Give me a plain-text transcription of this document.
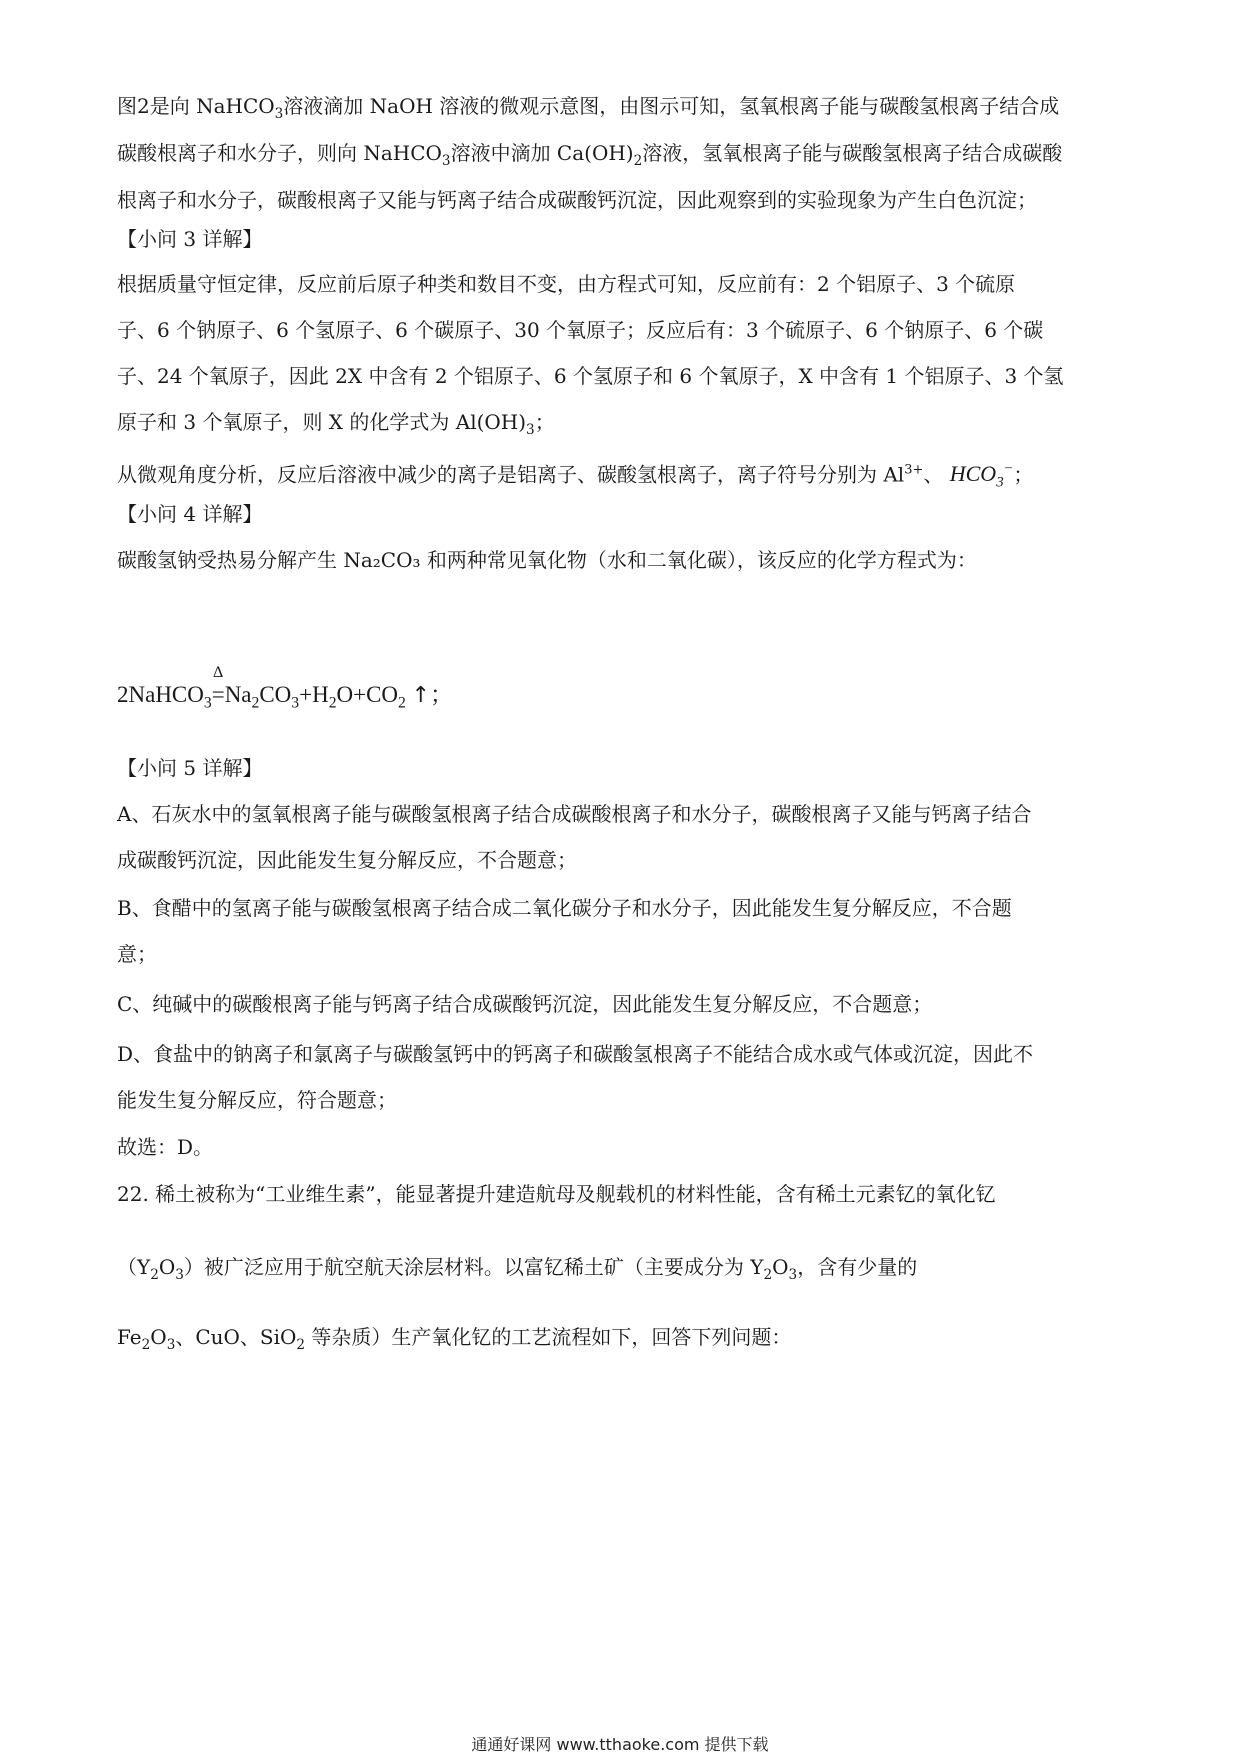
图2是向 NaHCO$_3$溶液滴加 NaOH 溶液的微观示意图，由图示可知，氢氧根离子能与碳酸氢根离子结合成
碳酸根离子和水分子，则向 NaHCO$_3$溶液中滴加 $Ca(OH)_2$溶液，氢氧根离子能与碳酸氢根离子结合成碳酸
根离子和水分子，碳酸根离子又能与钙离子结合成碳酸钙沉淀，因此观察到的实验现象为产生白色沉淀；
【小问 3 详解】
根据质量守恒定律，反应前后原子种类和数目不变，由方程式可知，反应前有：2 个铝原子、3 个硫原
子、6 个钠原子、6 个氢原子、6 个碳原子、30 个氧原子；反应后有：3 个硫原子、6 个钠原子、6 个碳
子、24 个氧原子，因此 2X 中含有 2 个铝原子、6 个氢原子和 6 个氧原子，X 中含有 1 个铝原子、3 个氢
原子和 3 个氧原子，则 X 的化学式为 $Al(OH)_3$；
从微观角度分析，反应后溶液中减少的离子是铝离子、碳酸氢根离子，离子符号分别为 $Al^{3+}$、 $HCO_3^-$；
【小问 4 详解】
碳酸氢钠受热易分解产生 Na₂CO₃ 和两种常见氧化物（水和二氧化碳），该反应的化学方程式为：
2NaHCO$_3$
Δ
$=Na_2CO_3+H_2O+CO_2$ ↑；
【小问 5 详解】
A、石灰水中的氢氧根离子能与碳酸氢根离子结合成碳酸根离子和水分子，碳酸根离子又能与钙离子结合
成碳酸钙沉淀，因此能发生复分解反应，不合题意；
B、食醋中的氢离子能与碳酸氢根离子结合成二氧化碳分子和水分子，因此能发生复分解反应，不合题
意；
C、纯碱中的碳酸根离子能与钙离子结合成碳酸钙沉淀，因此能发生复分解反应，不合题意；
D、食盐中的钠离子和氯离子与碳酸氢钙中的钙离子和碳酸氢根离子不能结合成水或气体或沉淀，因此不
能发生复分解反应，符合题意；
故选：D。
22. 稀土被称为“工业维生素”，能显著提升建造航母及舰载机的材料性能，含有稀土元素钇的氧化钇
$(Y_2O_3)$被广泛应用于航空航天涂层材料。以富钇稀土矿（主要成分为 $Y_2O_3$，含有少量的
$Fe_2O_3$、CuO、SiO$_2$ 等杂质）生产氧化钇的工艺流程如下，回答下列问题：
通通好课网 www.tthaoke.com 提供下载
